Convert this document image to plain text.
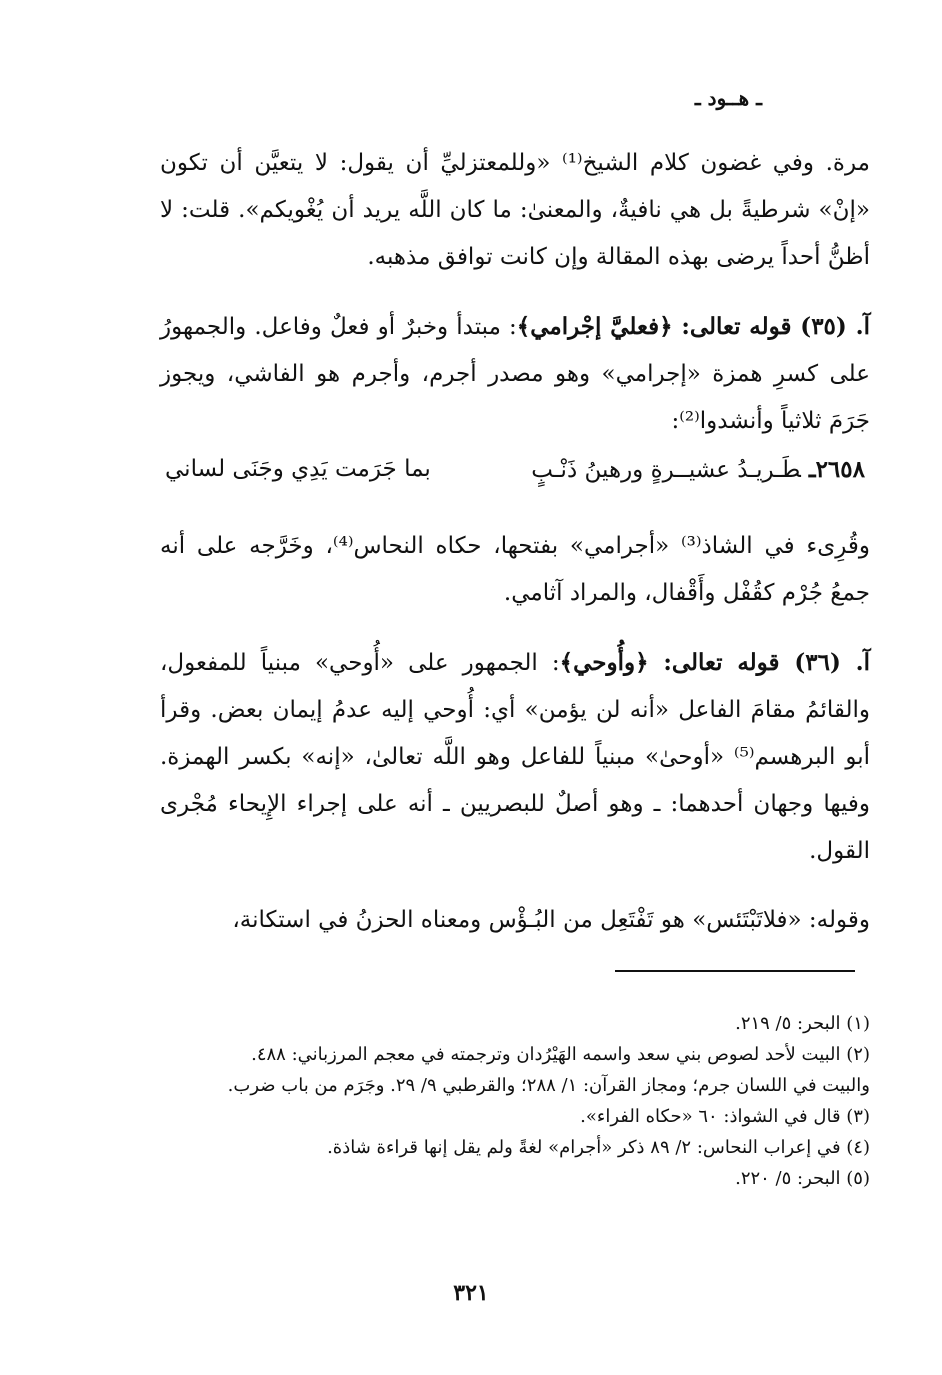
ـ هــود ـ

مرة. وفي غضون كلام الشيخ⁽¹⁾ «وللمعتزليِّ أن يقول: لا يتعيَّن أن تكون «إنْ» شرطيةً بل هي نافيةٌ، والمعنىٰ: ما كان اللَّه يريد أن يُغْويكم». قلت: لا أظنُّ أحداً يرضى بهذه المقالة وإن كانت توافق مذهبه.

آ. (٣٥) قوله تعالى: ﴿فعليَّ إجْرامي﴾: مبتدأ وخبرٌ أو فعلٌ وفاعل. والجمهورُ على كسرِ همزة «إجرامي» وهو مصدر أجرم، وأجرم هو الفاشي، ويجوز جَرَمَ ثلاثياً وأنشدوا⁽²⁾:

٢٦٥٨ـطَـريـدُ عشيــرةٍ ورهينُ ذَنْـبٍ
بما جَرَمت يَدِي وجَنَى لساني

وقُرِىء في الشاذ⁽³⁾ «أجرامي» بفتحها، حكاه النحاس⁽⁴⁾، وخَرَّجه على أنه جمعُ جُرْم كقُفْل وأَقْفال، والمراد آثامي.

آ. (٣٦) قوله تعالى: ﴿وأُوحي﴾: الجمهور على «أُوحي» مبنياً للمفعول، والقائمُ مقامَ الفاعل «أنه لن يؤمن» أي: أُوحي إليه عدمُ إيمان بعض. وقرأ أبو البرهسم⁽⁵⁾ «أوحىٰ» مبنياً للفاعل وهو اللَّه تعالىٰ، «إنه» بكسر الهمزة. وفيها وجهان أحدهما: ـ وهو أصلٌ للبصريين ـ أنه على إجراء الإِيحاء مُجْرى القول.

وقوله: «فلاتَبْتَئس» هو تَفْتَعِل من البُـؤْس ومعناه الحزنُ في استكانة،

(١) البحر: ٥/ ٢١٩.

(٢) البيت لأحد لصوص بني سعد واسمه الهَيْرُدان وترجمته في معجم المرزباني: ٤٨٨.

والبيت في اللسان جرم؛ ومجاز القرآن: ١/ ٢٨٨؛ والقرطبي ٩/ ٢٩. وجَرَم من باب ضرب.

(٣) قال في الشواذ: ٦٠ «حكاه الفراء».

(٤) في إعراب النحاس: ٢/ ٨٩ ذكر «أجرام» لغةً ولم يقل إنها قراءة شاذة.

(٥) البحر: ٥/ ٢٢٠.

٣٢١
